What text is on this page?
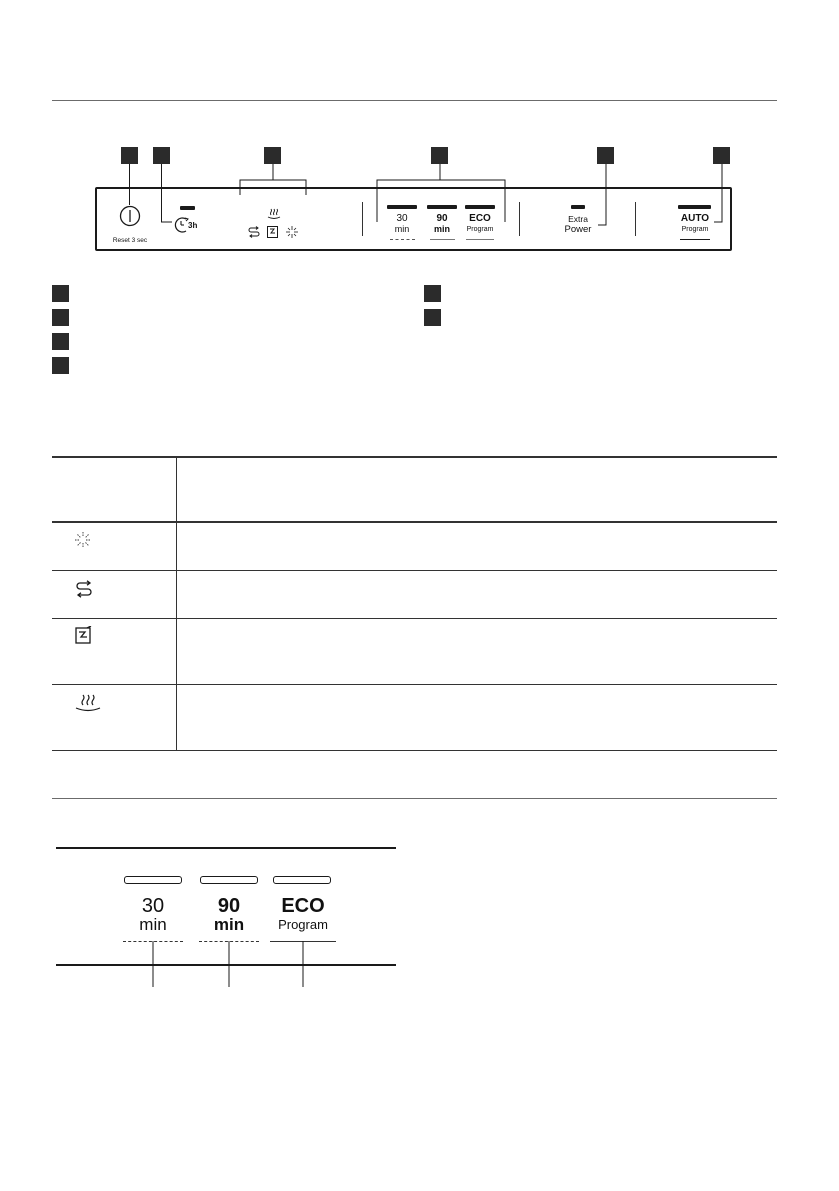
Reset 3 sec
3h
30
min
90
min
ECO
Program
Extra
Power
AUTO
Program
30
min
90
min
ECO
Program
